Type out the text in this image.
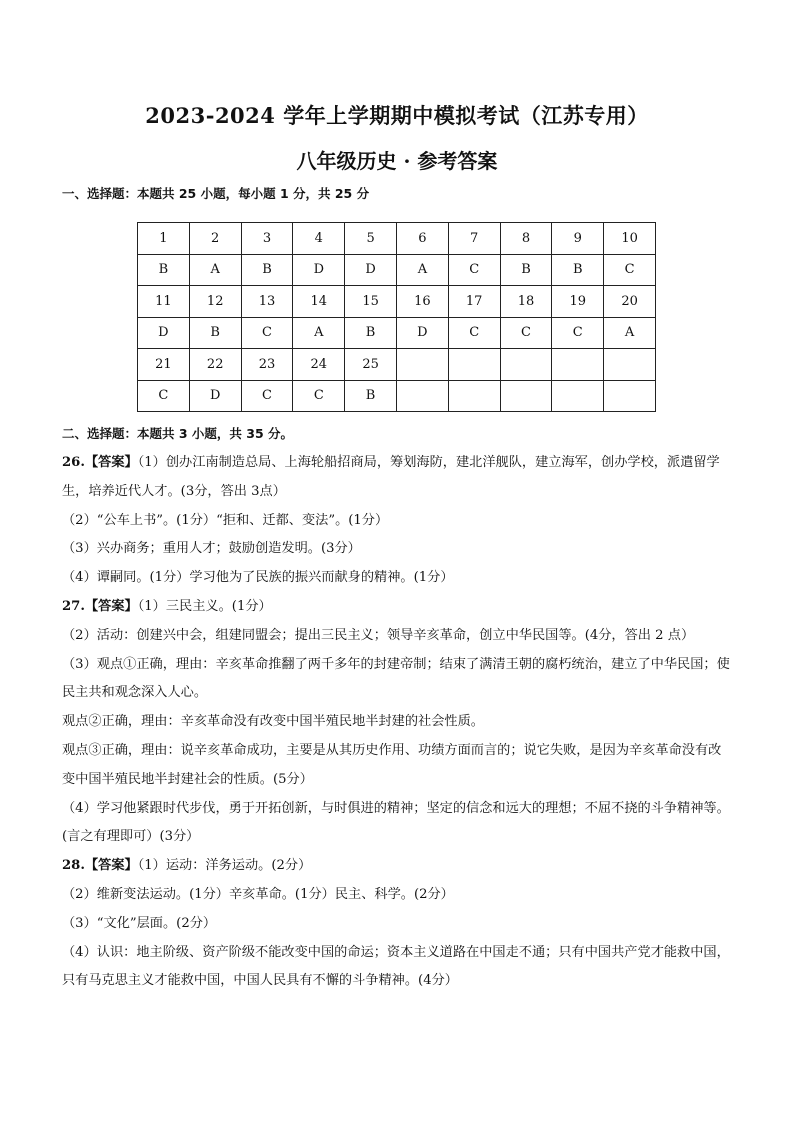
2023-2024 学年上学期期中模拟考试（江苏专用）
八年级历史 · 参考答案
一、选择题：本题共 25 小题，每小题 1 分，共 25 分
1	2	3	4	5	6	7	8	9	10
B	A	B	D	D	A	C	B	B	C
11	12	13	14	15	16	17	18	19	20
D	B	C	A	B	D	C	C	C	A
21	22	23	24	25					
C	D	C	C	B					
二、选择题：本题共 3 小题，共 35 分。

26.【答案】（1）创办江南制造总局、上海轮船招商局，筹划海防，建北洋舰队，建立海军，创办学校，派遣留学生，培养近代人才。(3分，答出 3点）

（2）“公车上书”。(1分）“拒和、迁都、变法”。(1分）

（3）兴办商务；重用人才；鼓励创造发明。(3分）

（4）谭嗣同。(1分）学习他为了民族的振兴而献身的精神。(1分）

27.【答案】（1）三民主义。(1分）

（2）活动：创建兴中会，组建同盟会；提出三民主义；领导辛亥革命，创立中华民国等。(4分，答出 2 点）

（3）观点①正确，理由：辛亥革命推翻了两千多年的封建帝制；结束了满清王朝的腐朽统治，建立了中华民国；使民主共和观念深入人心。

观点②正确，理由：辛亥革命没有改变中国半殖民地半封建的社会性质。

观点③正确，理由：说辛亥革命成功，主要是从其历史作用、功绩方面而言的；说它失败，是因为辛亥革命没有改变中国半殖民地半封建社会的性质。(5分）

（4）学习他紧跟时代步伐，勇于开拓创新，与时俱进的精神；坚定的信念和远大的理想；不屈不挠的斗争精神等。(言之有理即可）(3分）

28.【答案】（1）运动：洋务运动。(2分）

（2）维新变法运动。(1分）辛亥革命。(1分）民主、科学。(2分）

（3）“文化”层面。(2分）

（4）认识：地主阶级、资产阶级不能改变中国的命运；资本主义道路在中国走不通；只有中国共产党才能救中国，只有马克思主义才能救中国，中国人民具有不懈的斗争精神。(4分）
